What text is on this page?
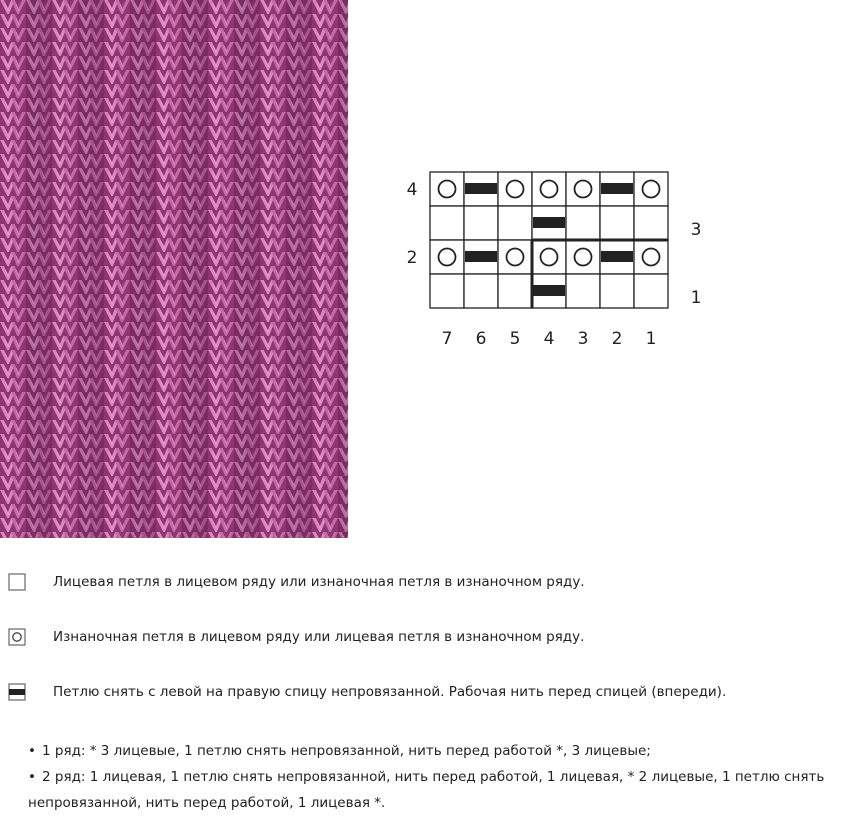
7 6 5 4 3 2 1
4
2
3
1
Лицевая петля в лицевом ряду или изнаночная петля в изнаночном ряду.
Изнаночная петля в лицевом ряду или лицевая петля в изнаночном ряду.
Петлю снять с левой на правую спицу непровязанной. Рабочая нить перед спицей (впереди).
• 1 ряд: * 3 лицевые, 1 петлю снять непровязанной, нить перед работой *, 3 лицевые;
• 2 ряд: 1 лицевая, 1 петлю снять непровязанной, нить перед работой, 1 лицевая, * 2 лицевые, 1 петлю снять непровязанной, нить перед работой, 1 лицевая *.
